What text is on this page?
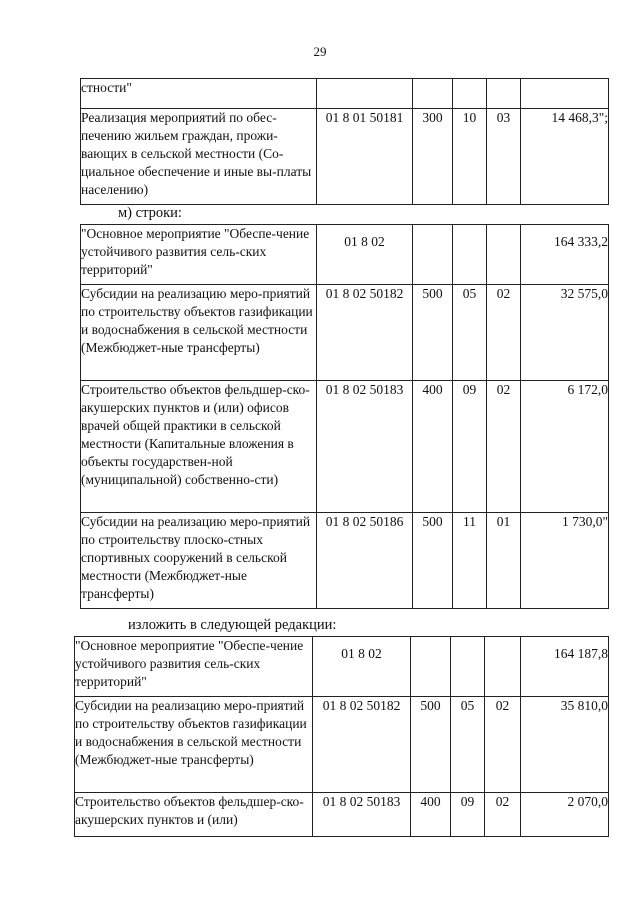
29
стности"					
Реализация мероприятий по обес-печению жильем граждан, прожи-вающих в сельской местности (Со-циальное обеспечение и иные вы-платы населению)	01 8 01 50181	300	10	03	14 468,3";
м) строки:
"Основное мероприятие "Обеспе-чение устойчивого развития сель-ских территорий"	01 8 02				164 333,2
Субсидии на реализацию меро-приятий по строительству объектов газификации и водоснабжения в сельской местности (Межбюджет-ные трансферты)	01 8 02 50182	500	05	02	32 575,0
Строительство объектов фельдшер-ско-акушерских пунктов и (или) офисов врачей общей практики в сельской местности (Капитальные вложения в объекты государствен-ной (муниципальной) собственно-сти)	01 8 02 50183	400	09	02	6 172,0
Субсидии на реализацию меро-приятий по строительству плоско-стных спортивных сооружений в сельской местности (Межбюджет-ные трансферты)	01 8 02 50186	500	11	01	1 730,0"
изложить в следующей редакции:
"Основное мероприятие "Обеспе-чение устойчивого развития сель-ских территорий"	01 8 02				164 187,8
Субсидии на реализацию меро-приятий по строительству объектов газификации и водоснабжения в сельской местности (Межбюджет-ные трансферты)	01 8 02 50182	500	05	02	35 810,0
Строительство объектов фельдшер-ско-акушерских пунктов и (или)	01 8 02 50183	400	09	02	2 070,0
